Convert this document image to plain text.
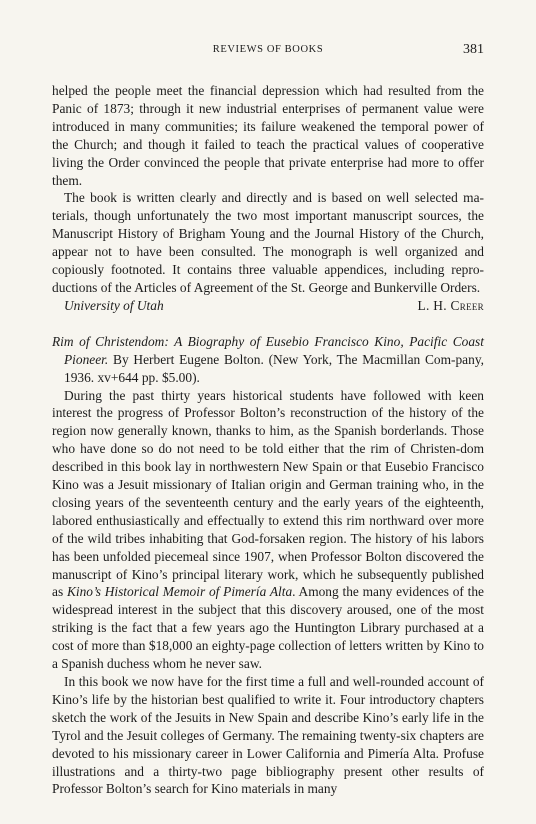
REVIEWS OF BOOKS	381

helped the people meet the financial depression which had resulted from the Panic of 1873; through it new industrial enterprises of permanent value were introduced in many communities; its failure weakened the temporal power of the Church; and though it failed to teach the practical values of cooperative living the Order convinced the people that private enterprise had more to offer them.

The book is written clearly and directly and is based on well selected ma-terials, though unfortunately the two most important manuscript sources, the Manuscript History of Brigham Young and the Journal History of the Church, appear not to have been consulted. The monograph is well organized and copiously footnoted. It contains three valuable appendices, including repro-ductions of the Articles of Agreement of the St. George and Bunkerville Orders.

University of Utah	L. H. Creer

Rim of Christendom: A Biography of Eusebio Francisco Kino, Pacific Coast Pioneer. By Herbert Eugene Bolton. (New York, The Macmillan Com-pany, 1936. xv+644 pp. $5.00).

During the past thirty years historical students have followed with keen interest the progress of Professor Bolton’s reconstruction of the history of the region now generally known, thanks to him, as the Spanish borderlands. Those who have done so do not need to be told either that the rim of Christen-dom described in this book lay in northwestern New Spain or that Eusebio Francisco Kino was a Jesuit missionary of Italian origin and German training who, in the closing years of the seventeenth century and the early years of the eighteenth, labored enthusiastically and effectually to extend this rim northward over more of the wild tribes inhabiting that God-forsaken region. The history of his labors has been unfolded piecemeal since 1907, when Professor Bolton discovered the manuscript of Kino’s principal literary work, which he subsequently published as Kino’s Historical Memoir of Pimería Alta. Among the many evidences of the widespread interest in the subject that this discovery aroused, one of the most striking is the fact that a few years ago the Huntington Library purchased at a cost of more than $18,000 an eighty-page collection of letters written by Kino to a Spanish duchess whom he never saw.

In this book we now have for the first time a full and well-rounded account of Kino’s life by the historian best qualified to write it. Four introductory chapters sketch the work of the Jesuits in New Spain and describe Kino’s early life in the Tyrol and the Jesuit colleges of Germany. The remaining twenty-six chapters are devoted to his missionary career in Lower California and Pimería Alta. Profuse illustrations and a thirty-two page bibliography present other results of Professor Bolton’s search for Kino materials in many
